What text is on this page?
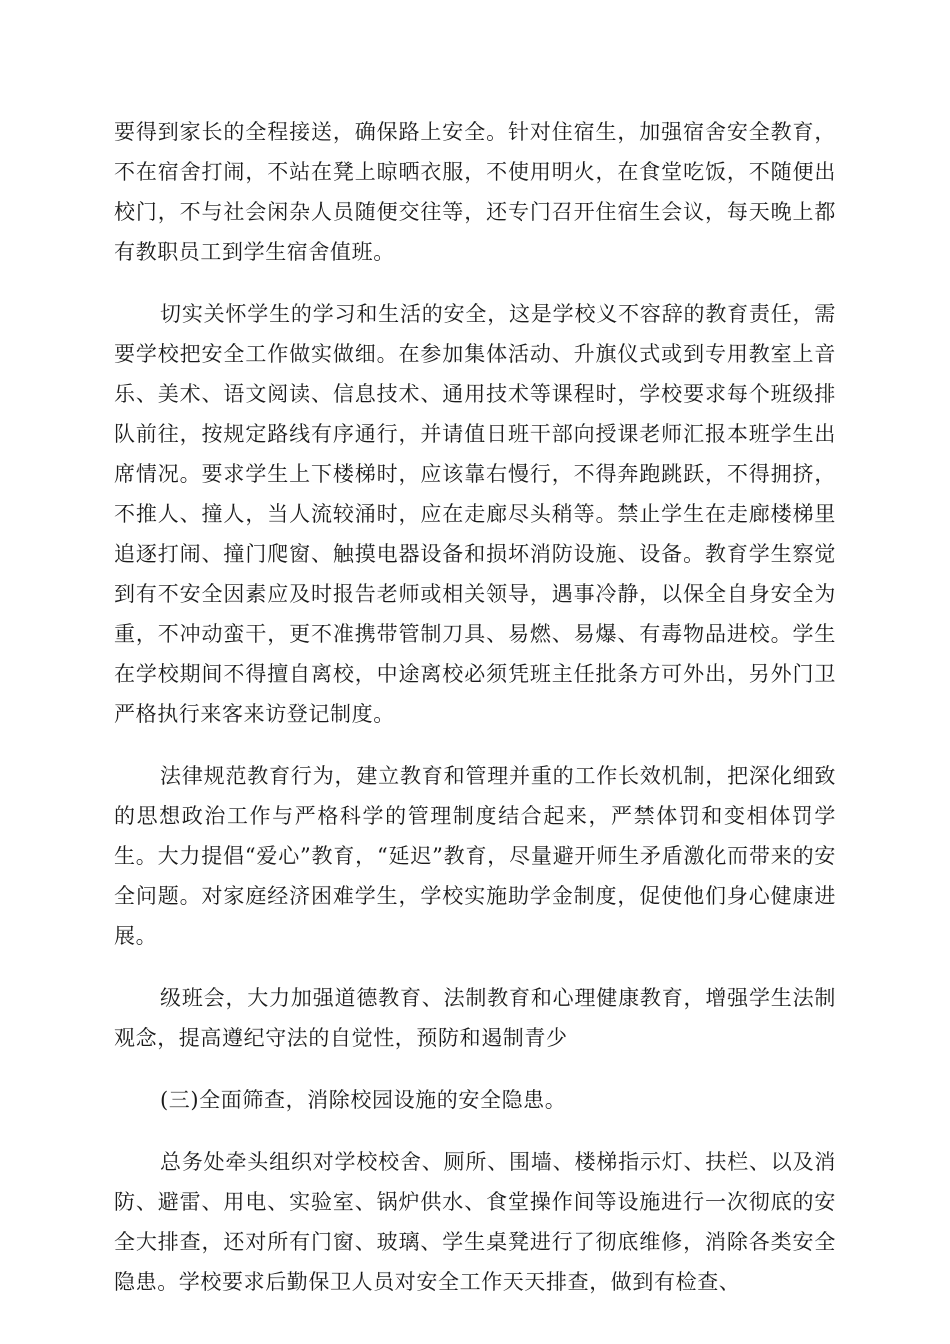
要得到家长的全程接送，确保路上安全。针对住宿生，加强宿舍安全教育，不在宿舍打闹，不站在凳上晾晒衣服，不使用明火，在食堂吃饭，不随便出校门，不与社会闲杂人员随便交往等，还专门召开住宿生会议，每天晚上都有教职员工到学生宿舍值班。

切实关怀学生的学习和生活的安全，这是学校义不容辞的教育责任，需要学校把安全工作做实做细。在参加集体活动、升旗仪式或到专用教室上音乐、美术、语文阅读、信息技术、通用技术等课程时，学校要求每个班级排队前往，按规定路线有序通行，并请值日班干部向授课老师汇报本班学生出席情况。要求学生上下楼梯时，应该靠右慢行，不得奔跑跳跃，不得拥挤，不推人、撞人，当人流较涌时，应在走廊尽头稍等。禁止学生在走廊楼梯里追逐打闹、撞门爬窗、触摸电器设备和损坏消防设施、设备。教育学生察觉到有不安全因素应及时报告老师或相关领导，遇事冷静，以保全自身安全为重，不冲动蛮干，更不准携带管制刀具、易燃、易爆、有毒物品进校。学生在学校期间不得擅自离校，中途离校必须凭班主任批条方可外出，另外门卫严格执行来客来访登记制度。

法律规范教育行为，建立教育和管理并重的工作长效机制，把深化细致的思想政治工作与严格科学的管理制度结合起来，严禁体罚和变相体罚学生。大力提倡“爱心”教育，“延迟”教育，尽量避开师生矛盾激化而带来的安全问题。对家庭经济困难学生，学校实施助学金制度，促使他们身心健康进展。

级班会，大力加强道德教育、法制教育和心理健康教育，增强学生法制观念，提高遵纪守法的自觉性，预防和遏制青少

(三)全面筛查，消除校园设施的安全隐患。

总务处牵头组织对学校校舍、厕所、围墙、楼梯指示灯、扶栏、以及消防、避雷、用电、实验室、锅炉供水、食堂操作间等设施进行一次彻底的安全大排查，还对所有门窗、玻璃、学生桌凳进行了彻底维修，消除各类安全隐患。学校要求后勤保卫人员对安全工作天天排查，做到有检查、
